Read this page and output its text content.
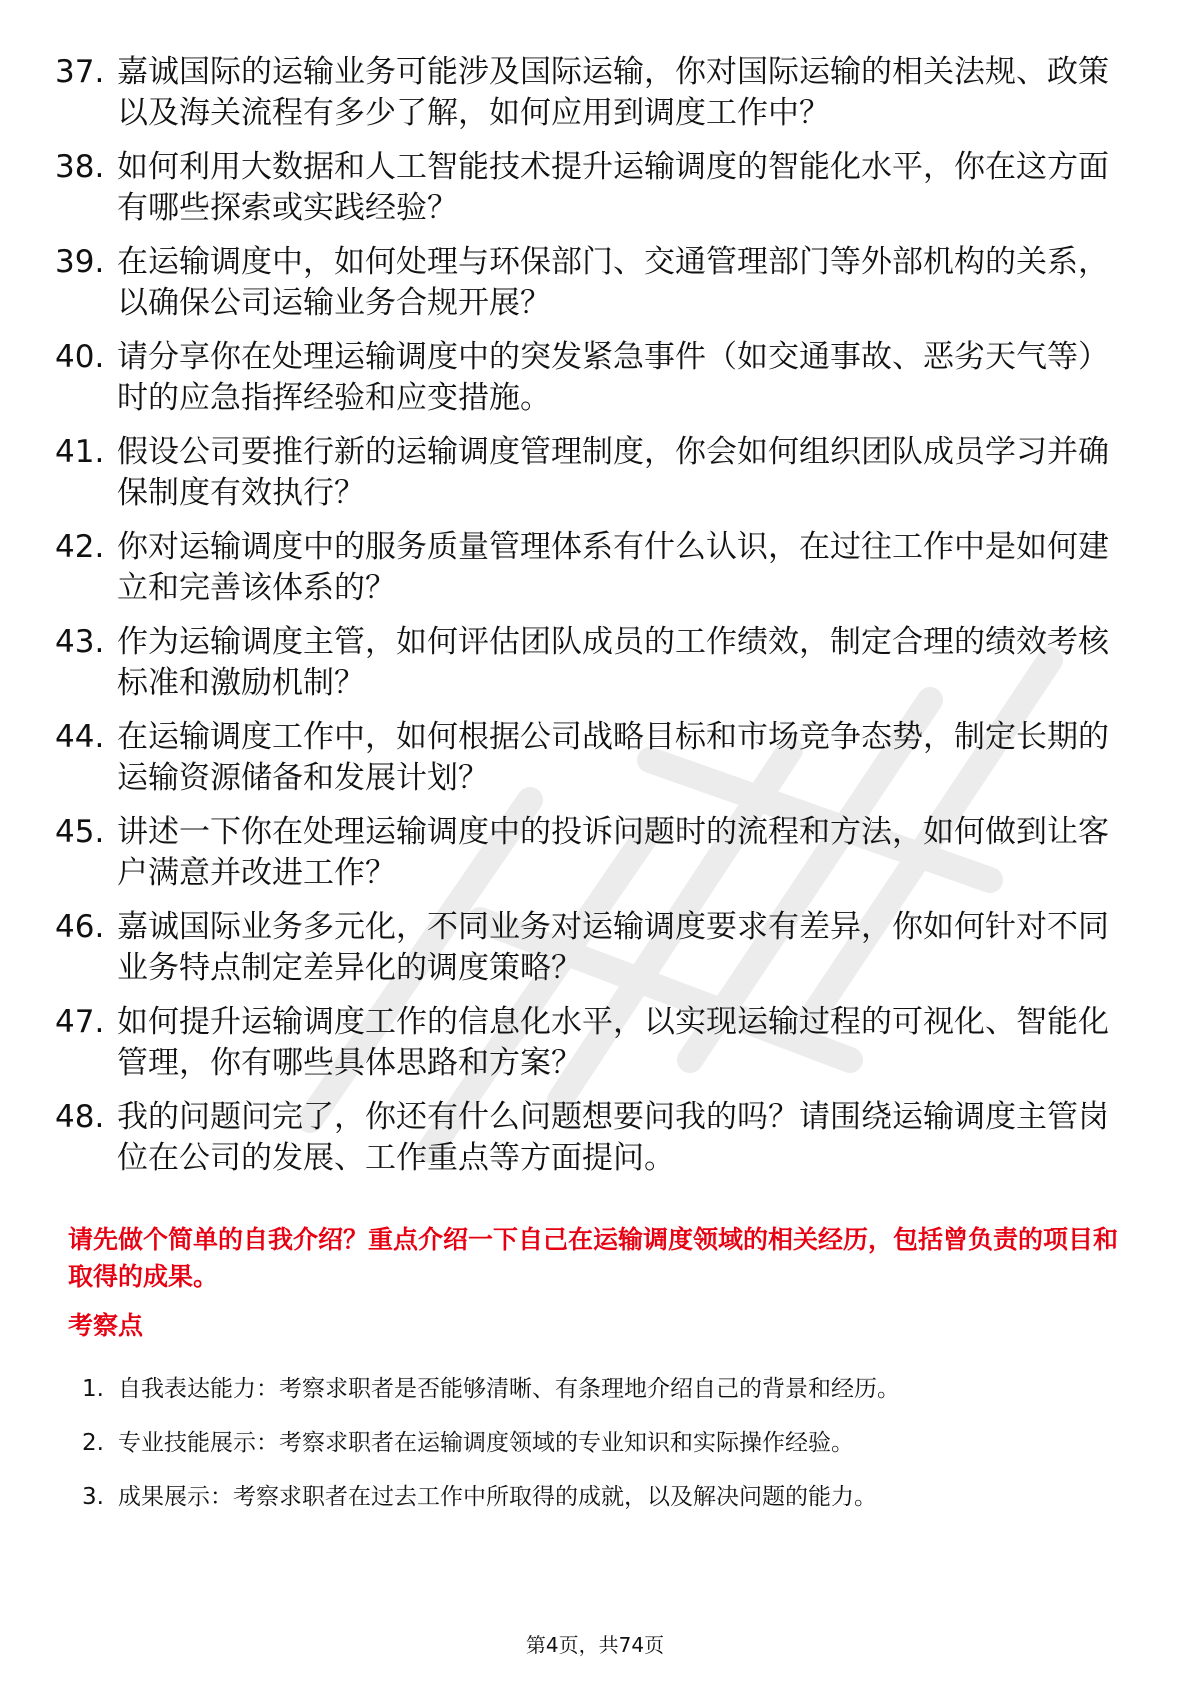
37. 嘉诚国际的运输业务可能涉及国际运输，你对国际运输的相关法规、政策以及海关流程有多少了解，如何应用到调度工作中？
38. 如何利用大数据和人工智能技术提升运输调度的智能化水平，你在这方面有哪些探索或实践经验？
39. 在运输调度中，如何处理与环保部门、交通管理部门等外部机构的关系，以确保公司运输业务合规开展？
40. 请分享你在处理运输调度中的突发紧急事件（如交通事故、恶劣天气等）时的应急指挥经验和应变措施。
41. 假设公司要推行新的运输调度管理制度，你会如何组织团队成员学习并确保制度有效执行？
42. 你对运输调度中的服务质量管理体系有什么认识，在过往工作中是如何建立和完善该体系的？
43. 作为运输调度主管，如何评估团队成员的工作绩效，制定合理的绩效考核标准和激励机制？
44. 在运输调度工作中，如何根据公司战略目标和市场竞争态势，制定长期的运输资源储备和发展计划？
45. 讲述一下你在处理运输调度中的投诉问题时的流程和方法，如何做到让客户满意并改进工作？
46. 嘉诚国际业务多元化，不同业务对运输调度要求有差异，你如何针对不同业务特点制定差异化的调度策略？
47. 如何提升运输调度工作的信息化水平，以实现运输过程的可视化、智能化管理，你有哪些具体思路和方案？
48. 我的问题问完了，你还有什么问题想要问我的吗？请围绕运输调度主管岗位在公司的发展、工作重点等方面提问。
请先做个简单的自我介绍？重点介绍一下自己在运输调度领域的相关经历，包括曾负责的项目和取得的成果。
考察点
1. 自我表达能力：考察求职者是否能够清晰、有条理地介绍自己的背景和经历。
2. 专业技能展示：考察求职者在运输调度领域的专业知识和实际操作经验。
3. 成果展示：考察求职者在过去工作中所取得的成就，以及解决问题的能力。
第4页，共74页
